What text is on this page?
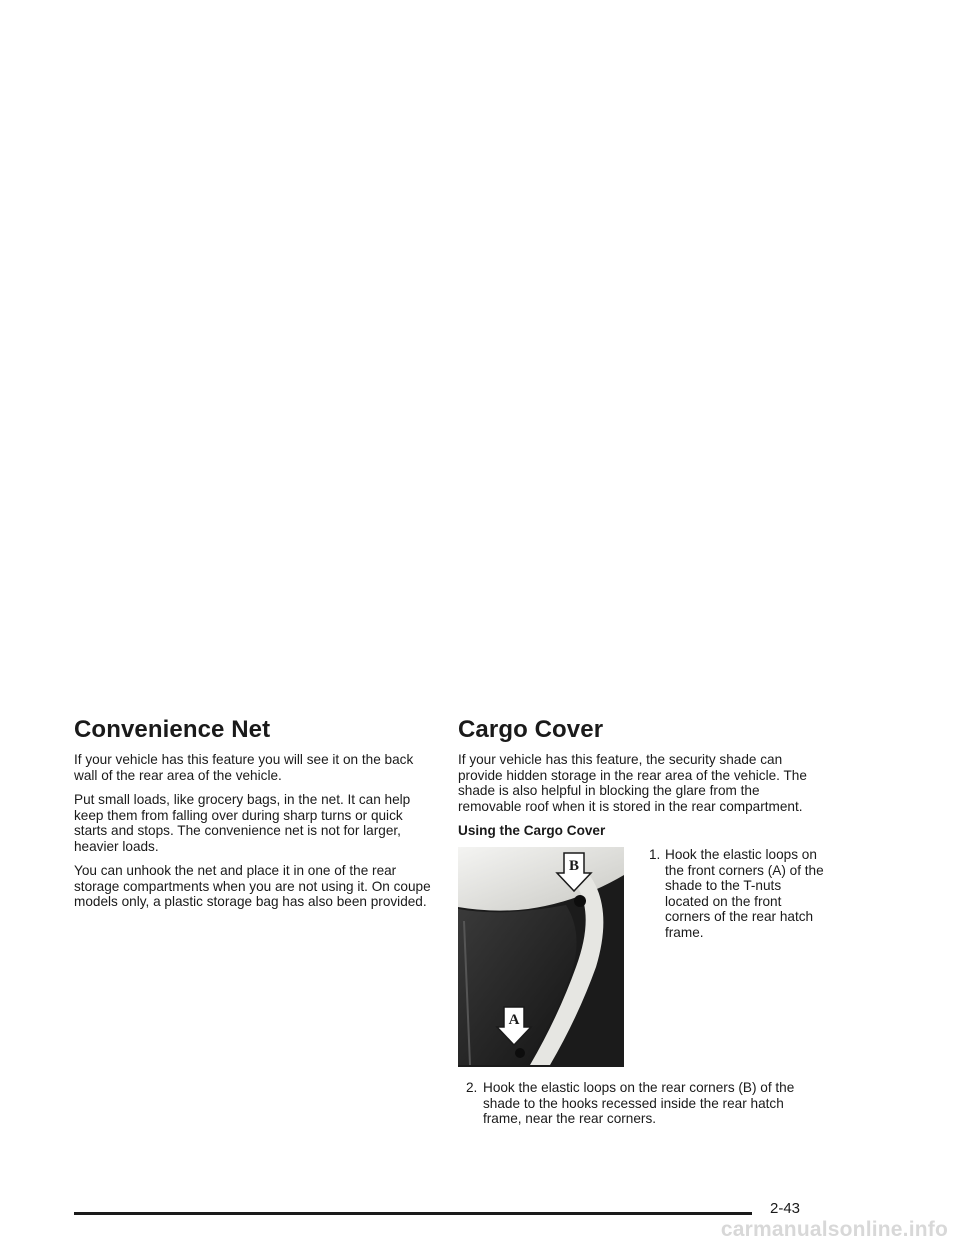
Convenience Net

If your vehicle has this feature you will see it on the back wall of the rear area of the vehicle.

Put small loads, like grocery bags, in the net. It can help keep them from falling over during sharp turns or quick starts and stops. The convenience net is not for larger, heavier loads.

You can unhook the net and place it in one of the rear storage compartments when you are not using it. On coupe models only, a plastic storage bag has also been provided.

Cargo Cover

If your vehicle has this feature, the security shade can provide hidden storage in the rear area of the vehicle. The shade is also helpful in blocking the glare from the removable roof when it is stored in the rear compartment.

Using the Cargo Cover
B
A
1. Hook the elastic loops on the front corners (A) of the shade to the T-nuts located on the front corners of the rear hatch frame.
2. Hook the elastic loops on the rear corners (B) of the shade to the hooks recessed inside the rear hatch frame, near the rear corners.
2-43
carmanualsonline.info
